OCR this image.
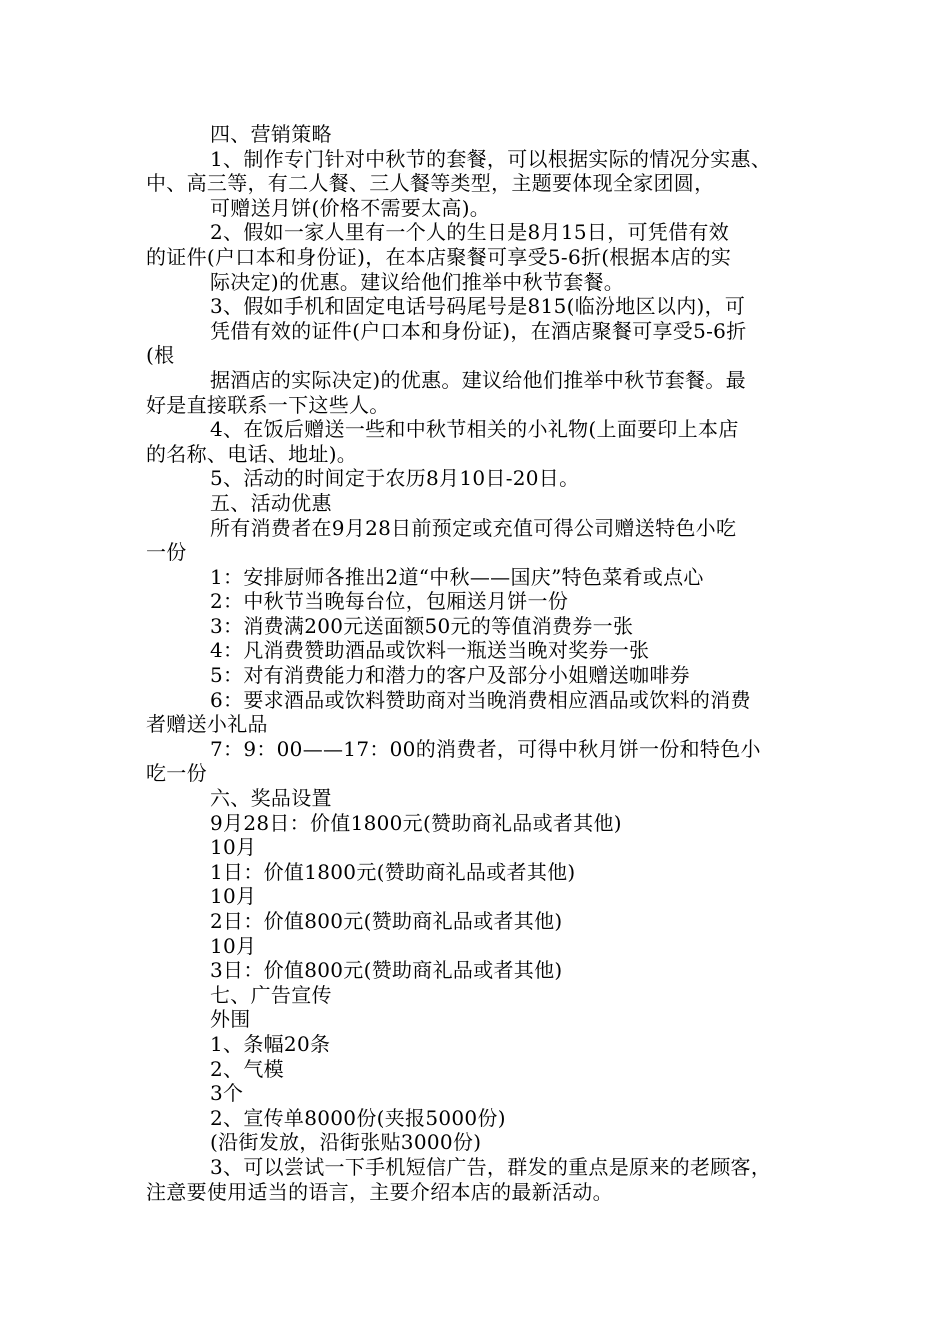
四、营销策略
1、制作专门针对中秋节的套餐，可以根据实际的情况分实惠、
中、高三等，有二人餐、三人餐等类型，主题要体现全家团圆，
可赠送月饼(价格不需要太高)。
2、假如一家人里有一个人的生日是8月15日，可凭借有效
的证件(户口本和身份证)，在本店聚餐可享受5-6折(根据本店的实
际决定)的优惠。建议给他们推举中秋节套餐。
3、假如手机和固定电话号码尾号是815(临汾地区以内)，可
凭借有效的证件(户口本和身份证)，在酒店聚餐可享受5-6折
(根
据酒店的实际决定)的优惠。建议给他们推举中秋节套餐。最
好是直接联系一下这些人。
4、在饭后赠送一些和中秋节相关的小礼物(上面要印上本店
的名称、电话、地址)。
5、活动的时间定于农历8月10日-20日。
五、活动优惠
所有消费者在9月28日前预定或充值可得公司赠送特色小吃
一份
1：安排厨师各推出2道“中秋——国庆”特色菜肴或点心
2：中秋节当晚每台位，包厢送月饼一份
3：消费满200元送面额50元的等值消费券一张
4：凡消费赞助酒品或饮料一瓶送当晚对奖券一张
5：对有消费能力和潜力的客户及部分小姐赠送咖啡券
6：要求酒品或饮料赞助商对当晚消费相应酒品或饮料的消费
者赠送小礼品
7：9：00——17：00的消费者，可得中秋月饼一份和特色小
吃一份
六、奖品设置
9月28日：价值1800元(赞助商礼品或者其他)
10月
1日：价值1800元(赞助商礼品或者其他)
10月
2日：价值800元(赞助商礼品或者其他)
10月
3日：价值800元(赞助商礼品或者其他)
七、广告宣传
外围
1、条幅20条
2、气模
3个
2、宣传单8000份(夹报5000份)
(沿街发放，沿街张贴3000份)
3、可以尝试一下手机短信广告，群发的重点是原来的老顾客，
注意要使用适当的语言，主要介绍本店的最新活动。
